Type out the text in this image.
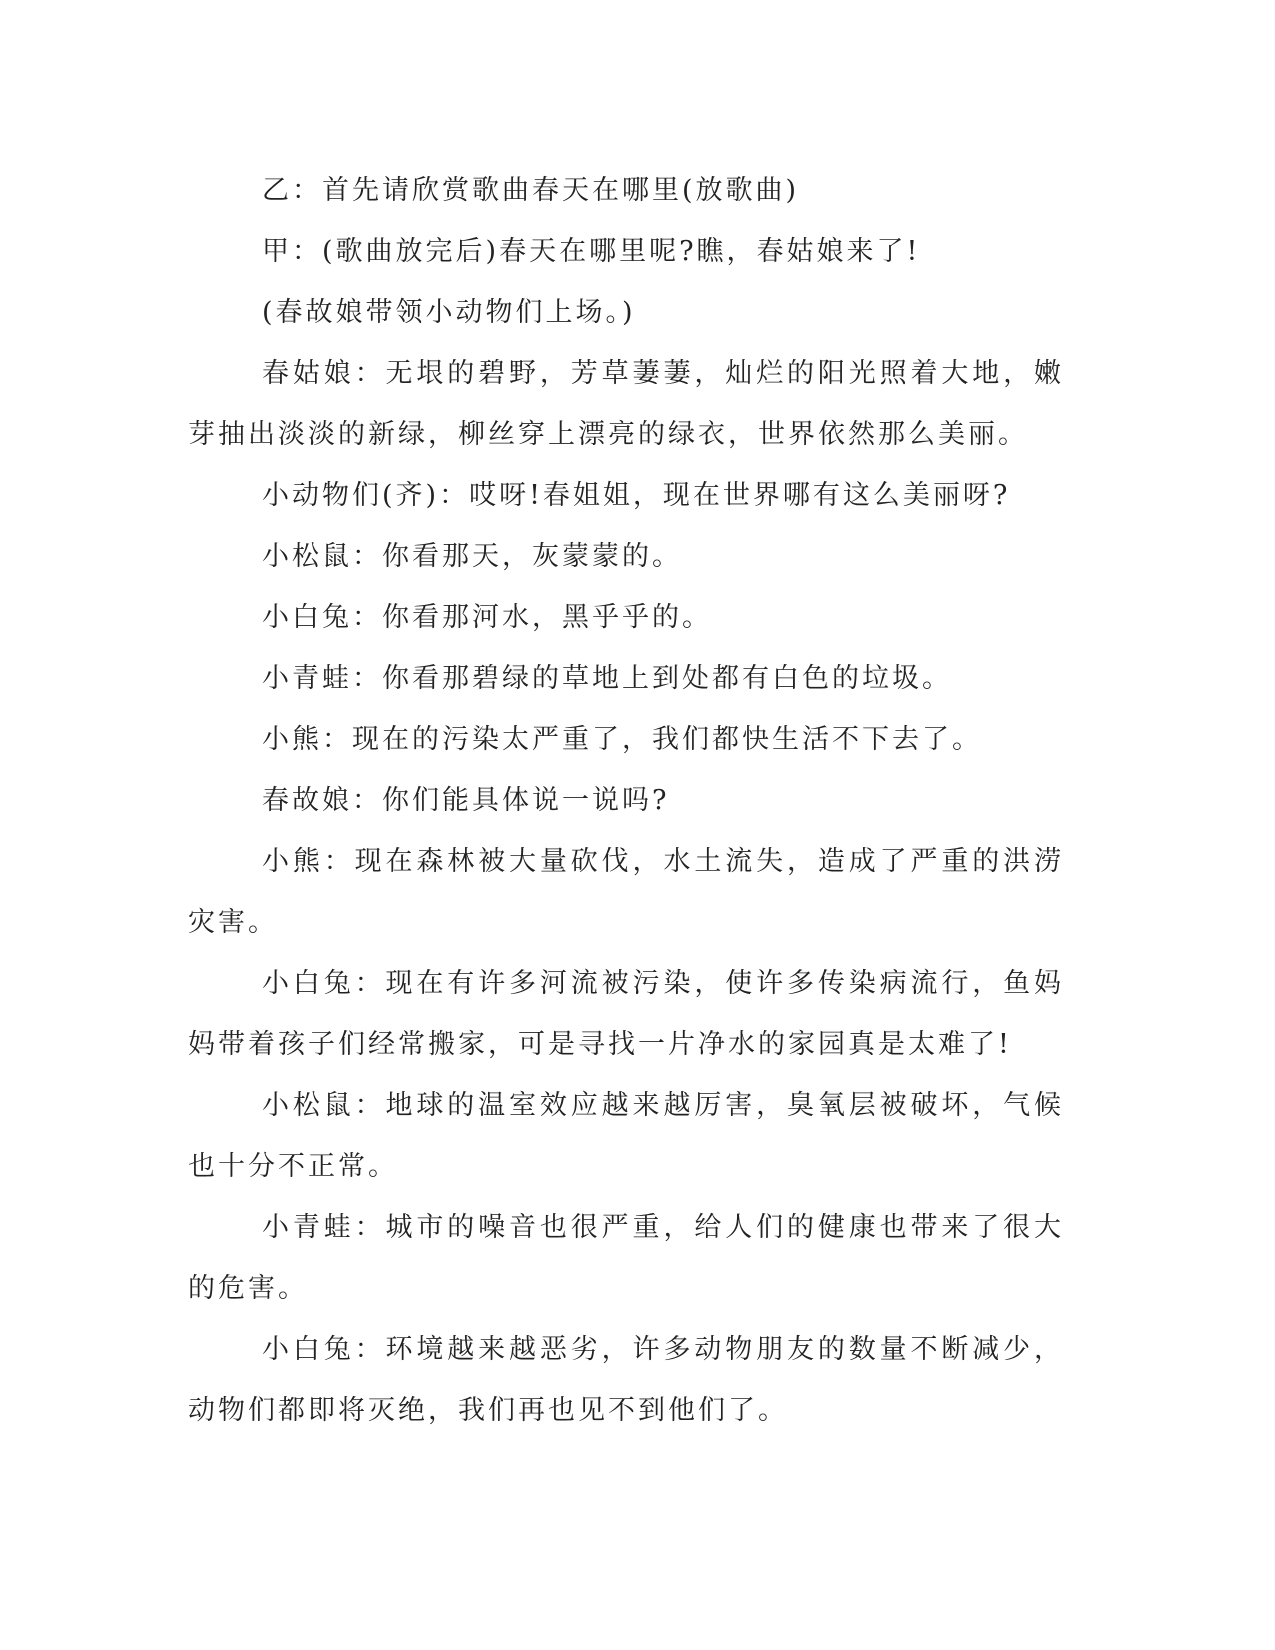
乙：首先请欣赏歌曲春天在哪里(放歌曲)

甲：(歌曲放完后)春天在哪里呢?瞧，春姑娘来了!

(春故娘带领小动物们上场。)

春姑娘：无垠的碧野，芳草萋萋，灿烂的阳光照着大地，嫩芽抽出淡淡的新绿，柳丝穿上漂亮的绿衣，世界依然那么美丽。

小动物们(齐)：哎呀!春姐姐，现在世界哪有这么美丽呀?

小松鼠：你看那天，灰蒙蒙的。

小白兔：你看那河水，黑乎乎的。

小青蛙：你看那碧绿的草地上到处都有白色的垃圾。

小熊：现在的污染太严重了，我们都快生活不下去了。

春故娘：你们能具体说一说吗?

小熊：现在森林被大量砍伐，水土流失，造成了严重的洪涝灾害。

小白兔：现在有许多河流被污染，使许多传染病流行，鱼妈妈带着孩子们经常搬家，可是寻找一片净水的家园真是太难了!

小松鼠：地球的温室效应越来越厉害，臭氧层被破坏，气候也十分不正常。

小青蛙：城市的噪音也很严重，给人们的健康也带来了很大的危害。

小白兔：环境越来越恶劣，许多动物朋友的数量不断减少，动物们都即将灭绝，我们再也见不到他们了。
